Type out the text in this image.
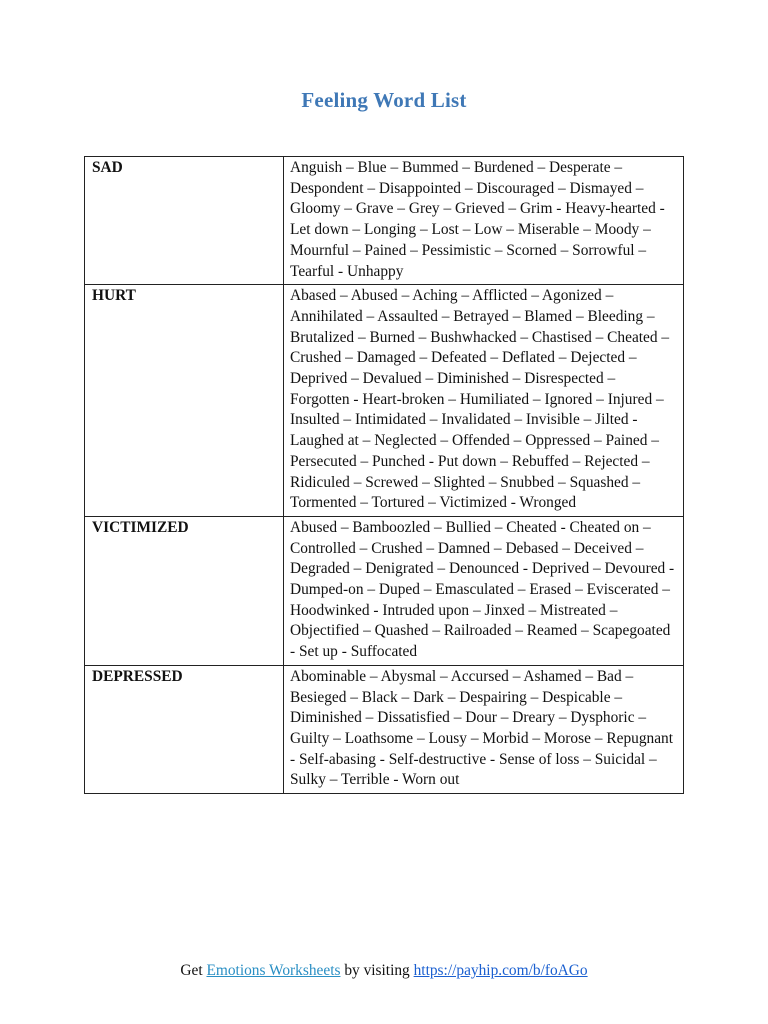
Feeling Word List
SAD	Anguish – Blue – Bummed – Burdened – Desperate – Despondent – Disappointed – Discouraged – Dismayed – Gloomy – Grave – Grey – Grieved – Grim - Heavy-hearted - Let down – Longing – Lost – Low – Miserable – Moody – Mournful – Pained – Pessimistic – Scorned – Sorrowful – Tearful - Unhappy
HURT	Abased – Abused – Aching – Afflicted – Agonized – Annihilated – Assaulted – Betrayed – Blamed – Bleeding – Brutalized – Burned – Bushwhacked – Chastised – Cheated – Crushed – Damaged – Defeated – Deflated – Dejected – Deprived – Devalued – Diminished – Disrespected – Forgotten - Heart-broken – Humiliated – Ignored – Injured – Insulted – Intimidated – Invalidated – Invisible – Jilted - Laughed at – Neglected – Offended – Oppressed – Pained – Persecuted – Punched - Put down – Rebuffed – Rejected – Ridiculed – Screwed – Slighted – Snubbed – Squashed – Tormented – Tortured – Victimized - Wronged
VICTIMIZED	Abused – Bamboozled – Bullied – Cheated - Cheated on – Controlled – Crushed – Damned – Debased – Deceived – Degraded – Denigrated – Denounced - Deprived – Devoured - Dumped-on – Duped – Emasculated – Erased – Eviscerated – Hoodwinked - Intruded upon – Jinxed – Mistreated – Objectified – Quashed – Railroaded – Reamed – Scapegoated - Set up - Suffocated
DEPRESSED	Abominable – Abysmal – Accursed – Ashamed – Bad – Besieged – Black – Dark – Despairing – Despicable – Diminished – Dissatisfied – Dour – Dreary – Dysphoric – Guilty – Loathsome – Lousy – Morbid – Morose – Repugnant - Self-abasing - Self-destructive - Sense of loss – Suicidal – Sulky – Terrible - Worn out
Get Emotions Worksheets by visiting https://payhip.com/b/foAGo
